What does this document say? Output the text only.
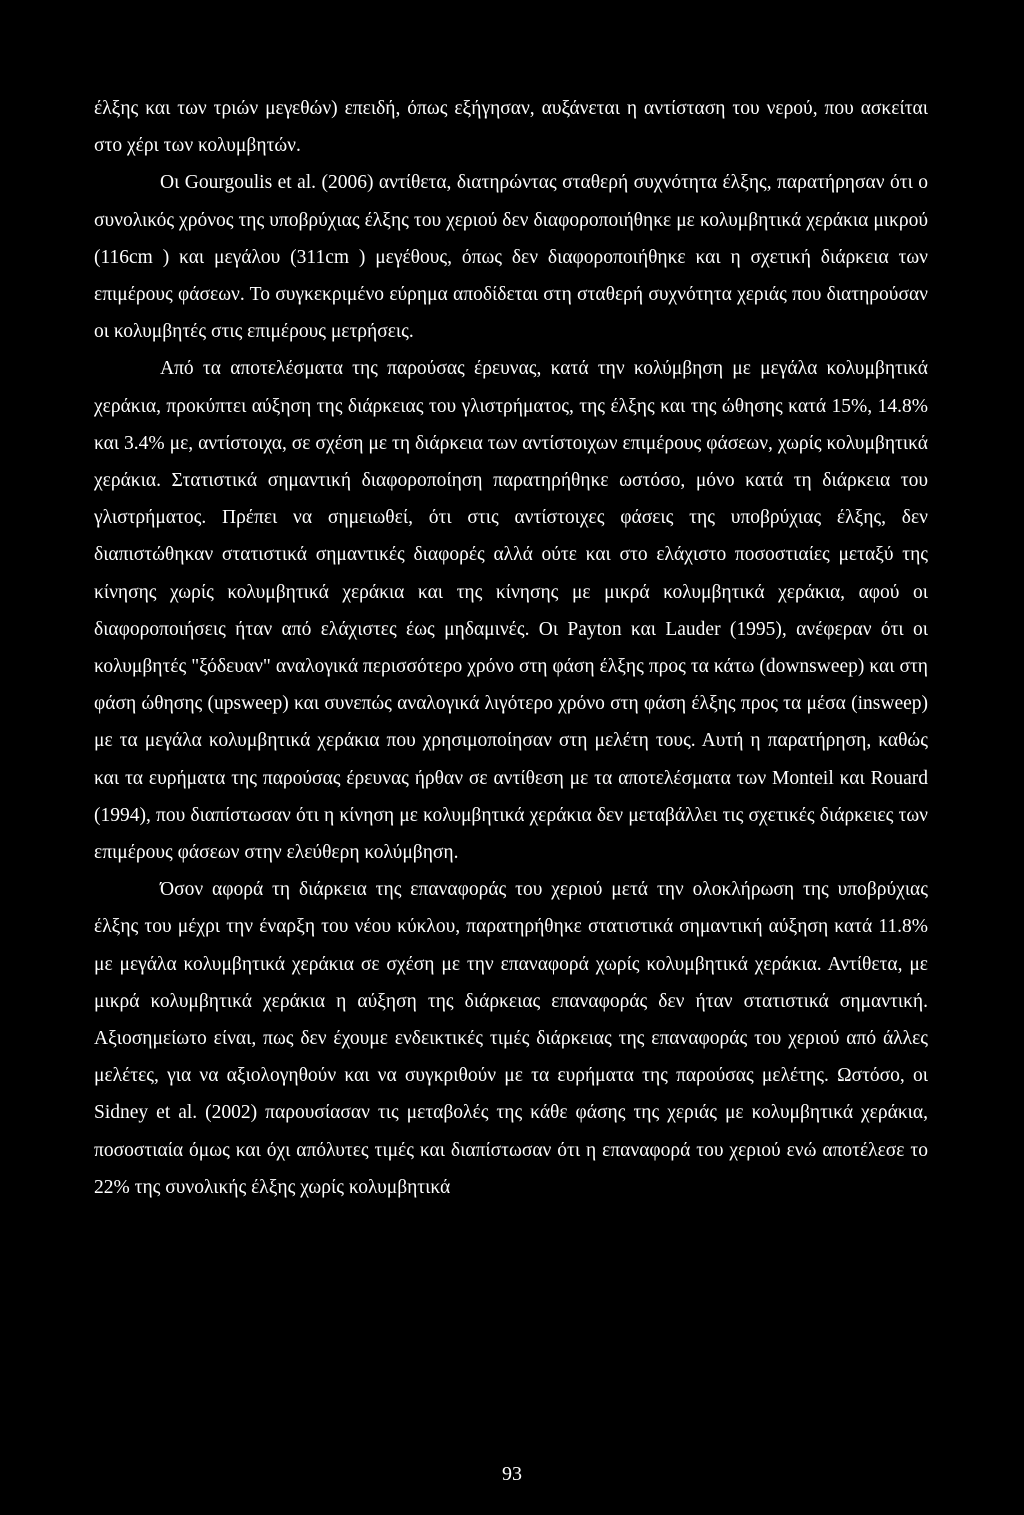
έλξης και των τριών μεγεθών) επειδή, όπως εξήγησαν, αυξάνεται η αντίσταση του νερού, που ασκείται στο χέρι των κολυμβητών.

Οι Gourgoulis et al. (2006) αντίθετα, διατηρώντας σταθερή συχνότητα έλξης, παρατήρησαν ότι ο συνολικός χρόνος της υποβρύχιας έλξης του χεριού δεν διαφοροποιήθηκε με κολυμβητικά χεράκια μικρού (116cm ) και μεγάλου (311cm ) μεγέθους, όπως δεν διαφοροποιήθηκε και η σχετική διάρκεια των επιμέρους φάσεων. Το συγκεκριμένο εύρημα αποδίδεται στη σταθερή συχνότητα χεριάς που διατηρούσαν οι κολυμβητές στις επιμέρους μετρήσεις.

Από τα αποτελέσματα της παρούσας έρευνας, κατά την κολύμβηση με μεγάλα κολυμβητικά χεράκια, προκύπτει αύξηση της διάρκειας του γλιστρήματος, της έλξης και της ώθησης κατά 15%, 14.8% και 3.4% με, αντίστοιχα, σε σχέση με τη διάρκεια των αντίστοιχων επιμέρους φάσεων, χωρίς κολυμβητικά χεράκια. Στατιστικά σημαντική διαφοροποίηση παρατηρήθηκε ωστόσο, μόνο κατά τη διάρκεια του γλιστρήματος. Πρέπει να σημειωθεί, ότι στις αντίστοιχες φάσεις της υποβρύχιας έλξης, δεν διαπιστώθηκαν στατιστικά σημαντικές διαφορές αλλά ούτε και στο ελάχιστο ποσοστιαίες μεταξύ της κίνησης χωρίς κολυμβητικά χεράκια και της κίνησης με μικρά κολυμβητικά χεράκια, αφού οι διαφοροποιήσεις ήταν από ελάχιστες έως μηδαμινές. Οι Payton και Lauder (1995), ανέφεραν ότι οι κολυμβητές "ξόδευαν" αναλογικά περισσότερο χρόνο στη φάση έλξης προς τα κάτω (downsweep) και στη φάση ώθησης (upsweep) και συνεπώς αναλογικά λιγότερο χρόνο στη φάση έλξης προς τα μέσα (insweep) με τα μεγάλα κολυμβητικά χεράκια που χρησιμοποίησαν στη μελέτη τους. Αυτή η παρατήρηση, καθώς και τα ευρήματα της παρούσας έρευνας ήρθαν σε αντίθεση με τα αποτελέσματα των Monteil και Rouard (1994), που διαπίστωσαν ότι η κίνηση με κολυμβητικά χεράκια δεν μεταβάλλει τις σχετικές διάρκειες των επιμέρους φάσεων στην ελεύθερη κολύμβηση.

Όσον αφορά τη διάρκεια της επαναφοράς του χεριού μετά την ολοκλήρωση της υποβρύχιας έλξης του μέχρι την έναρξη του νέου κύκλου, παρατηρήθηκε στατιστικά σημαντική αύξηση κατά 11.8% με μεγάλα κολυμβητικά χεράκια σε σχέση με την επαναφορά χωρίς κολυμβητικά χεράκια. Αντίθετα, με μικρά κολυμβητικά χεράκια η αύξηση της διάρκειας επαναφοράς δεν ήταν στατιστικά σημαντική. Αξιοσημείωτο είναι, πως δεν έχουμε ενδεικτικές τιμές διάρκειας της επαναφοράς του χεριού από άλλες μελέτες, για να αξιολογηθούν και να συγκριθούν με τα ευρήματα της παρούσας μελέτης. Ωστόσο, οι Sidney et al. (2002) παρουσίασαν τις μεταβολές της κάθε φάσης της χεριάς με κολυμβητικά χεράκια, ποσοστιαία όμως και όχι απόλυτες τιμές και διαπίστωσαν ότι η επαναφορά του χεριού ενώ αποτέλεσε το 22% της συνολικής έλξης χωρίς κολυμβητικά

93
